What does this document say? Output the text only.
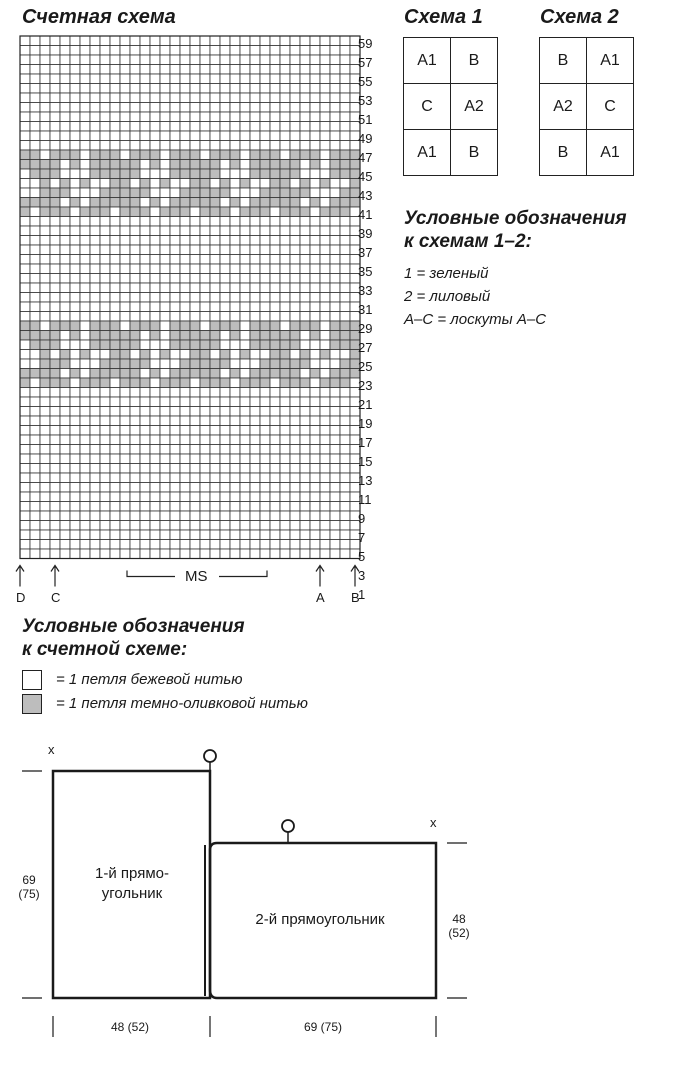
Счетная схема
59
57
55
53
51
49
47
45
43
41
39
37
35
33
31
29
27
25
23
21
19
17
15
13
11
9
7
5
3
1
Схема 1
A1	B
C	A2
A1	B
Схема 2
B	A1
A2	C
B	A1
Условные обозначения
к схемам 1–2:
1 = зеленый
2 = лиловый
A–C = лоскуты A–C
Условные обозначения
к счетной схеме:
= 1 петля бежевой нитью
= 1 петля темно-оливковой нитью
x
x
1-й прямо-
угольник
2-й прямоугольник
69
(75)
48
(52)
48 (52)	69 (75)
D C
MS
A B
